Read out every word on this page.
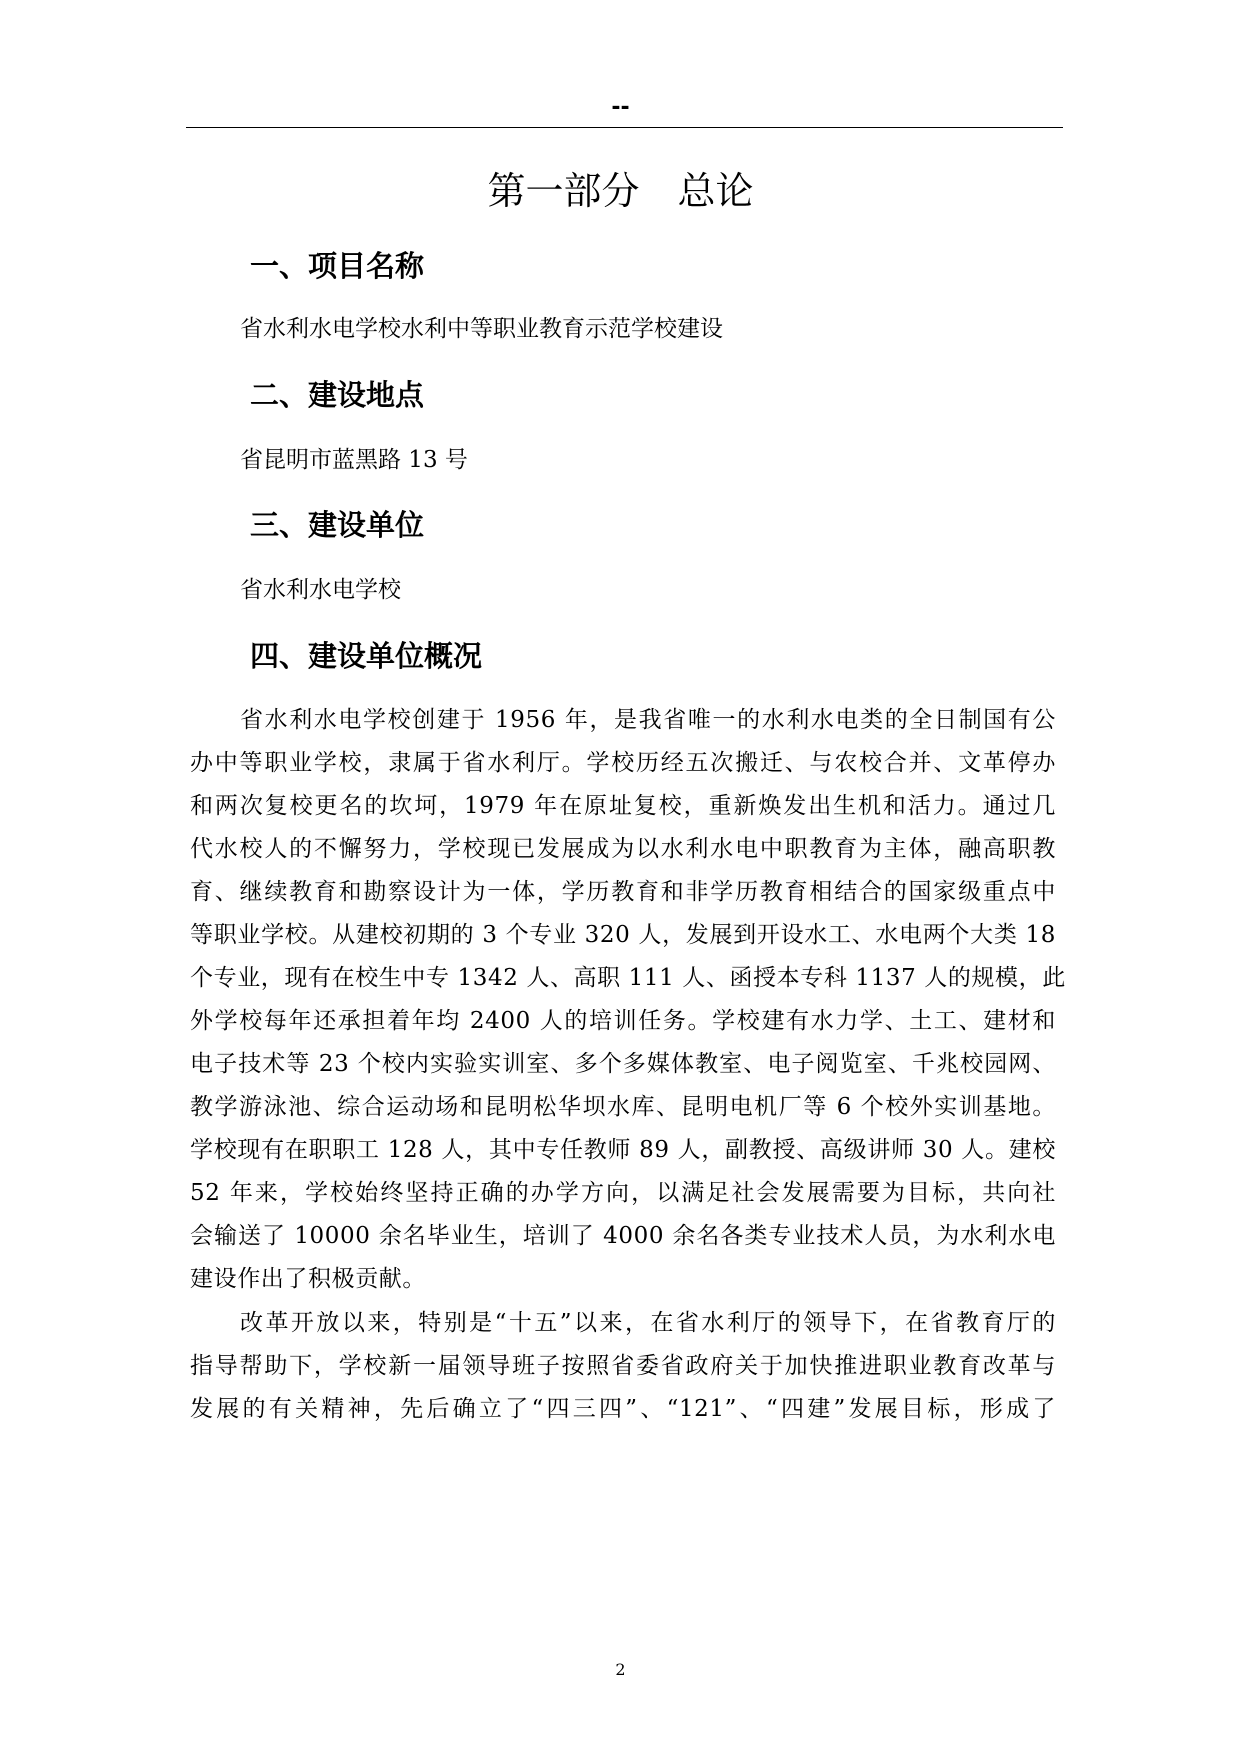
--
第一部分　总论
一、项目名称
省水利水电学校水利中等职业教育示范学校建设
二、建设地点
省昆明市蓝黑路 13 号
三、建设单位
省水利水电学校
四、建设单位概况
省水利水电学校创建于 1956 年，是我省唯一的水利水电类的全日制国有公
办中等职业学校，隶属于省水利厅。学校历经五次搬迁、与农校合并、文革停办
和两次复校更名的坎坷，1979 年在原址复校，重新焕发出生机和活力。通过几
代水校人的不懈努力，学校现已发展成为以水利水电中职教育为主体，融高职教
育、继续教育和勘察设计为一体，学历教育和非学历教育相结合的国家级重点中
等职业学校。从建校初期的 3 个专业 320 人，发展到开设水工、水电两个大类 18
个专业，现有在校生中专 1342 人、高职 111 人、函授本专科 1137 人的规模，此
外学校每年还承担着年均 2400 人的培训任务。学校建有水力学、土工、建材和
电子技术等 23 个校内实验实训室、多个多媒体教室、电子阅览室、千兆校园网、
教学游泳池、综合运动场和昆明松华坝水库、昆明电机厂等 6 个校外实训基地。
学校现有在职职工 128 人，其中专任教师 89 人，副教授、高级讲师 30 人。建校
52 年来，学校始终坚持正确的办学方向，以满足社会发展需要为目标，共向社
会输送了 10000 余名毕业生，培训了 4000 余名各类专业技术人员，为水利水电
建设作出了积极贡献。
改革开放以来，特别是“十五”以来，在省水利厅的领导下，在省教育厅的
指导帮助下，学校新一届领导班子按照省委省政府关于加快推进职业教育改革与
发展的有关精神，先后确立了“四三四”、“121”、“四建”发展目标，形成了
2
